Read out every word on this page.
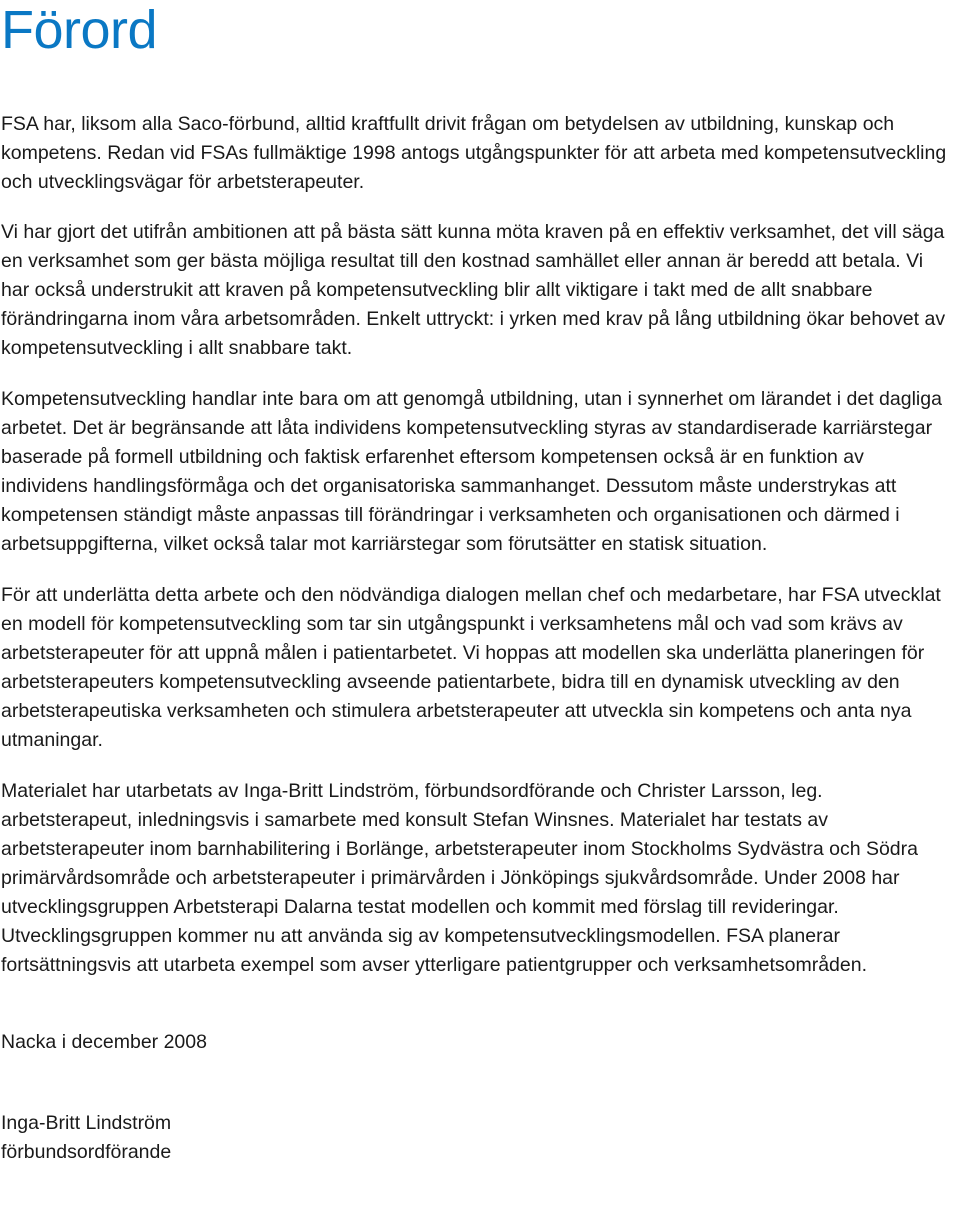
Förord

FSA har, liksom alla Saco-förbund, alltid kraftfullt drivit frågan om betydelsen av utbildning, kunskap och kompetens. Redan vid FSAs fullmäktige 1998 antogs utgångspunkter för att arbeta med kompetensutveckling och utvecklingsvägar för arbetsterapeuter.

Vi har gjort det utifrån ambitionen att på bästa sätt kunna möta kraven på en effektiv verksamhet, det vill säga en verksamhet som ger bästa möjliga resultat till den kostnad samhället eller annan är beredd att betala. Vi har också understrukit att kraven på kompetensutveckling blir allt viktigare i takt med de allt snabbare förändringarna inom våra arbetsområden. Enkelt uttryckt: i yrken med krav på lång utbildning ökar behovet av kompetensutveckling i allt snabbare takt.

Kompetensutveckling handlar inte bara om att genomgå utbildning, utan i synnerhet om lärandet i det dagliga arbetet. Det är begränsande att låta individens kompetensutveckling styras av standardiserade karriärstegar baserade på formell utbildning och faktisk erfarenhet eftersom kompetensen också är en funktion av individens handlingsförmåga och det organisatoriska sammanhanget. Dessutom måste understrykas att kompetensen ständigt måste anpassas till förändringar i verksamheten och organisationen och därmed i arbetsuppgifterna, vilket också talar mot karriärstegar som förutsätter en statisk situation.

För att underlätta detta arbete och den nödvändiga dialogen mellan chef och medarbetare, har FSA utvecklat en modell för kompetensutveckling som tar sin utgångspunkt i verksamhetens mål och vad som krävs av arbetsterapeuter för att uppnå målen i patientarbetet. Vi hoppas att modellen ska underlätta planeringen för arbetsterapeuters kompetensutveckling avseende patientarbete, bidra till en dynamisk utveckling av den arbetsterapeutiska verksamheten och stimulera arbetsterapeuter att utveckla sin kompetens och anta nya utmaningar.

Materialet har utarbetats av Inga-Britt Lindström, förbundsordförande och Christer Larsson, leg. arbetsterapeut, inledningsvis i samarbete med konsult Stefan Winsnes. Materialet har testats av arbetsterapeuter inom barnhabilitering i Borlänge, arbetsterapeuter inom Stockholms Sydvästra och Södra primärvårdsområde och arbetsterapeuter i primärvården i Jönköpings sjukvårdsområde. Under 2008 har utvecklingsgruppen Arbetsterapi Dalarna testat modellen och kommit med förslag till revideringar. Utvecklingsgruppen kommer nu att använda sig av kompetensutvecklingsmodellen. FSA planerar fortsättningsvis att utarbeta exempel som avser ytterligare patientgrupper och verksamhetsområden.

Nacka i december 2008

Inga-Britt Lindström
förbundsordförande
